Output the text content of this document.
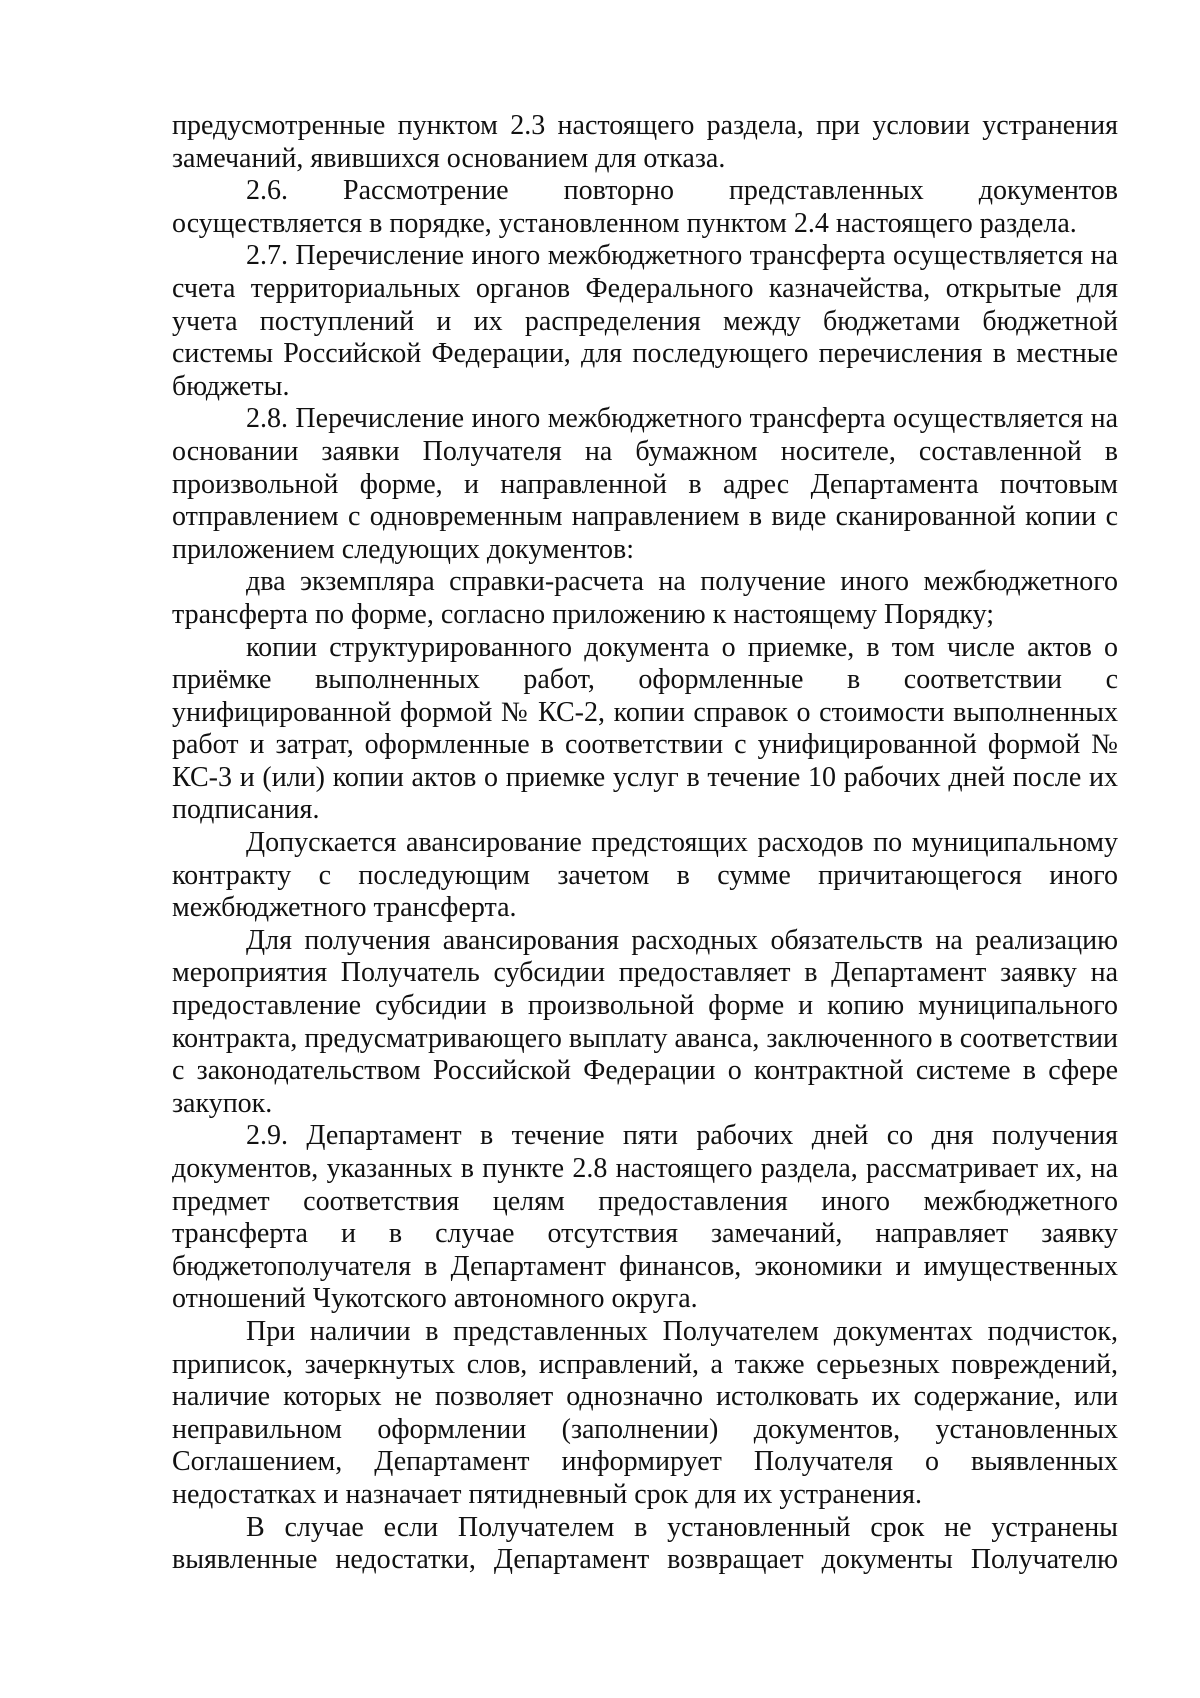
предусмотренные пунктом 2.3 настоящего раздела, при условии устранения замечаний, явившихся основанием для отказа.

2.6. Рассмотрение повторно представленных документов осуществляется в порядке, установленном пунктом 2.4 настоящего раздела.

2.7. Перечисление иного межбюджетного трансферта осуществляется на счета территориальных органов Федерального казначейства, открытые для учета поступлений и их распределения между бюджетами бюджетной системы Российской Федерации, для последующего перечисления в местные бюджеты.

2.8. Перечисление иного межбюджетного трансферта осуществляется на основании заявки Получателя на бумажном носителе, составленной в произвольной форме, и направленной в адрес Департамента почтовым отправлением с одновременным направлением в виде сканированной копии с приложением следующих документов:

два экземпляра справки-расчета на получение иного межбюджетного трансферта по форме, согласно приложению к настоящему Порядку;

копии структурированного документа о приемке, в том числе актов о приёмке выполненных работ, оформленные в соответствии с унифицированной формой № КС-2, копии справок о стоимости выполненных работ и затрат, оформленные в соответствии с унифицированной формой № КС-3 и (или) копии актов о приемке услуг в течение 10 рабочих дней после их подписания.

Допускается авансирование предстоящих расходов по муниципальному контракту с последующим зачетом в сумме причитающегося иного межбюджетного трансферта.

Для получения авансирования расходных обязательств на реализацию мероприятия Получатель субсидии предоставляет в Департамент заявку на предоставление субсидии в произвольной форме и копию муниципального контракта, предусматривающего выплату аванса, заключенного в соответствии с законодательством Российской Федерации о контрактной системе в сфере закупок.

2.9. Департамент в течение пяти рабочих дней со дня получения документов, указанных в пункте 2.8 настоящего раздела, рассматривает их, на предмет соответствия целям предоставления иного межбюджетного трансферта и в случае отсутствия замечаний, направляет заявку бюджетополучателя в Департамент финансов, экономики и имущественных отношений Чукотского автономного округа.

При наличии в представленных Получателем документах подчисток, приписок, зачеркнутых слов, исправлений, а также серьезных повреждений, наличие которых не позволяет однозначно истолковать их содержание, или неправильном оформлении (заполнении) документов, установленных Соглашением, Департамент информирует Получателя о выявленных недостатках и назначает пятидневный срок для их устранения.

В случае если Получателем в установленный срок не устранены выявленные недостатки, Департамент возвращает документы Получателю
